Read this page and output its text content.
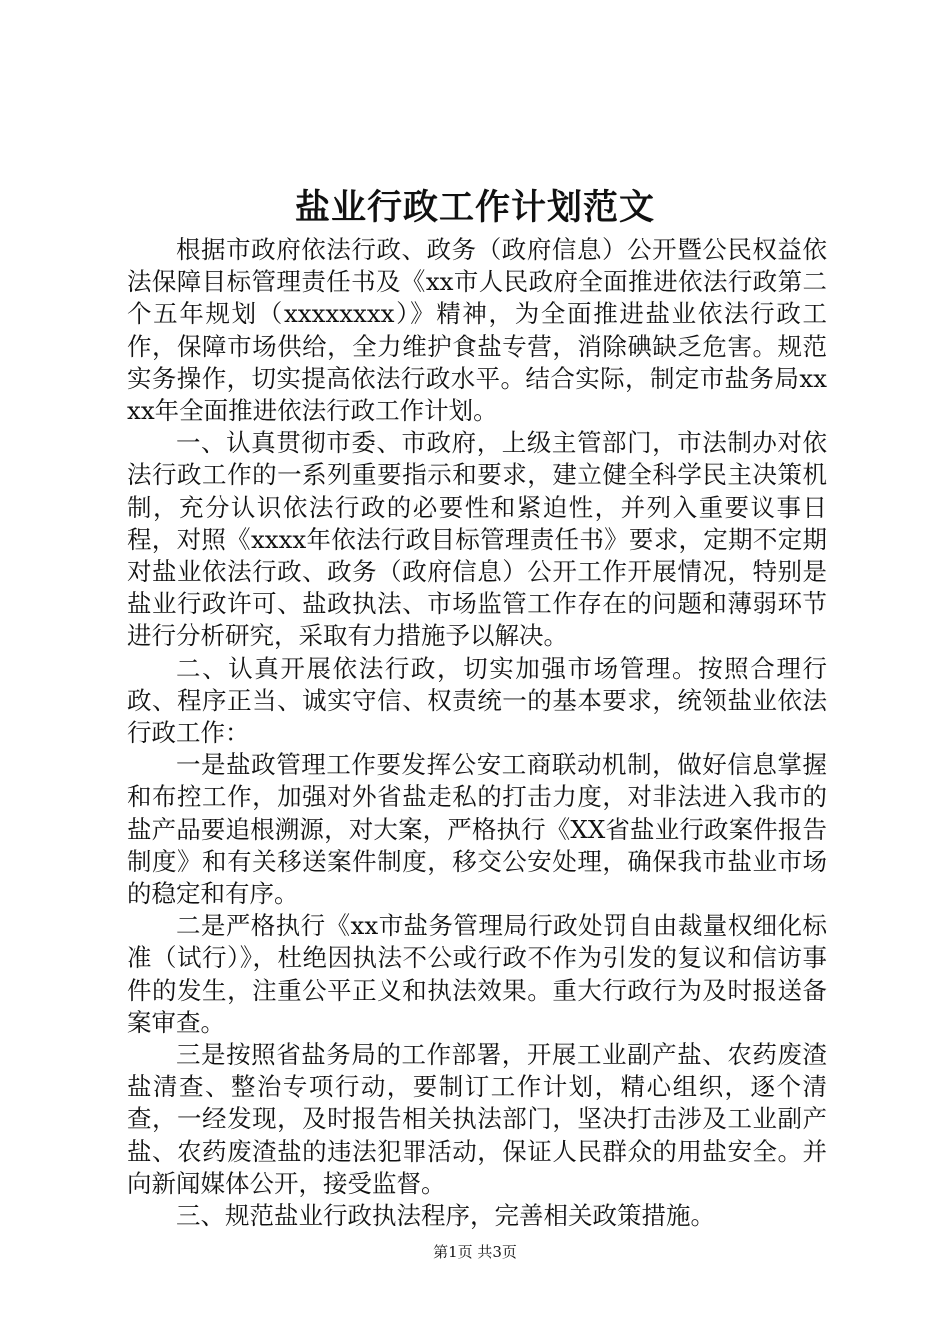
盐业行政工作计划范文

根据市政府依法行政、政务（政府信息）公开暨公民权益依法保障目标管理责任书及《xx市人民政府全面推进依法行政第二个五年规划（xxxxxxxx）》精神，为全面推进盐业依法行政工作，保障市场供给，全力维护食盐专营，消除碘缺乏危害。规范实务操作，切实提高依法行政水平。结合实际，制定市盐务局xxxx年全面推进依法行政工作计划。

一、认真贯彻市委、市政府，上级主管部门，市法制办对依法行政工作的一系列重要指示和要求，建立健全科学民主决策机制，充分认识依法行政的必要性和紧迫性，并列入重要议事日程，对照《xxxx年依法行政目标管理责任书》要求，定期不定期对盐业依法行政、政务（政府信息）公开工作开展情况，特别是盐业行政许可、盐政执法、市场监管工作存在的问题和薄弱环节进行分析研究，采取有力措施予以解决。

二、认真开展依法行政，切实加强市场管理。按照合理行政、程序正当、诚实守信、权责统一的基本要求，统领盐业依法行政工作：

一是盐政管理工作要发挥公安工商联动机制，做好信息掌握和布控工作，加强对外省盐走私的打击力度，对非法进入我市的盐产品要追根溯源，对大案，严格执行《XX省盐业行政案件报告制度》和有关移送案件制度，移交公安处理，确保我市盐业市场的稳定和有序。

二是严格执行《xx市盐务管理局行政处罚自由裁量权细化标准（试行）》，杜绝因执法不公或行政不作为引发的复议和信访事件的发生，注重公平正义和执法效果。重大行政行为及时报送备案审查。

三是按照省盐务局的工作部署，开展工业副产盐、农药废渣盐清查、整治专项行动，要制订工作计划，精心组织，逐个清查，一经发现，及时报告相关执法部门，坚决打击涉及工业副产盐、农药废渣盐的违法犯罪活动，保证人民群众的用盐安全。并向新闻媒体公开，接受监督。

三、规范盐业行政执法程序，完善相关政策措施。

第1页 共3页
